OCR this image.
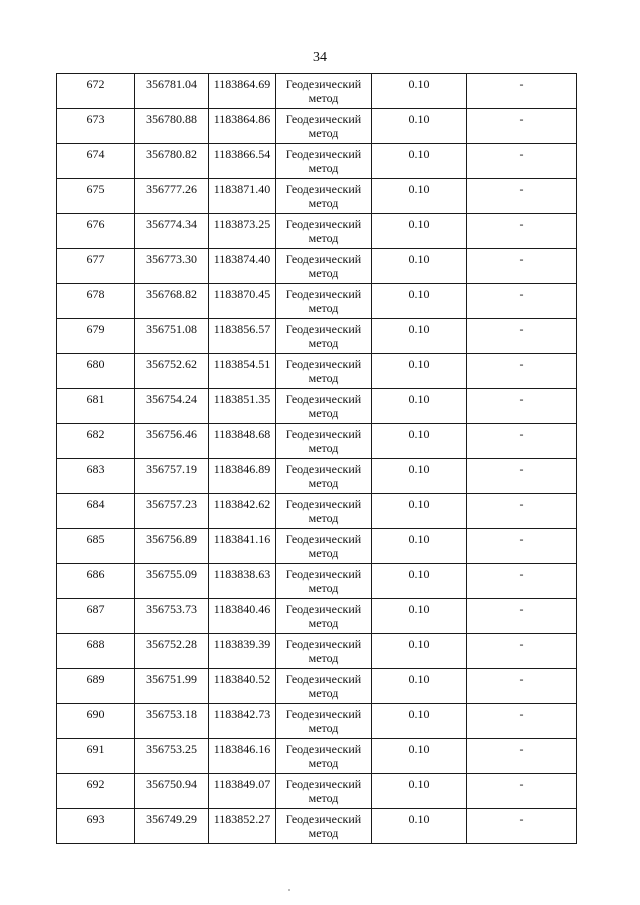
34
672	356781.04	1183864.69	Геодезический метод	0.10	-
673	356780.88	1183864.86	Геодезический метод	0.10	-
674	356780.82	1183866.54	Геодезический метод	0.10	-
675	356777.26	1183871.40	Геодезический метод	0.10	-
676	356774.34	1183873.25	Геодезический метод	0.10	-
677	356773.30	1183874.40	Геодезический метод	0.10	-
678	356768.82	1183870.45	Геодезический метод	0.10	-
679	356751.08	1183856.57	Геодезический метод	0.10	-
680	356752.62	1183854.51	Геодезический метод	0.10	-
681	356754.24	1183851.35	Геодезический метод	0.10	-
682	356756.46	1183848.68	Геодезический метод	0.10	-
683	356757.19	1183846.89	Геодезический метод	0.10	-
684	356757.23	1183842.62	Геодезический метод	0.10	-
685	356756.89	1183841.16	Геодезический метод	0.10	-
686	356755.09	1183838.63	Геодезический метод	0.10	-
687	356753.73	1183840.46	Геодезический метод	0.10	-
688	356752.28	1183839.39	Геодезический метод	0.10	-
689	356751.99	1183840.52	Геодезический метод	0.10	-
690	356753.18	1183842.73	Геодезический метод	0.10	-
691	356753.25	1183846.16	Геодезический метод	0.10	-
692	356750.94	1183849.07	Геодезический метод	0.10	-
693	356749.29	1183852.27	Геодезический метод	0.10	-
